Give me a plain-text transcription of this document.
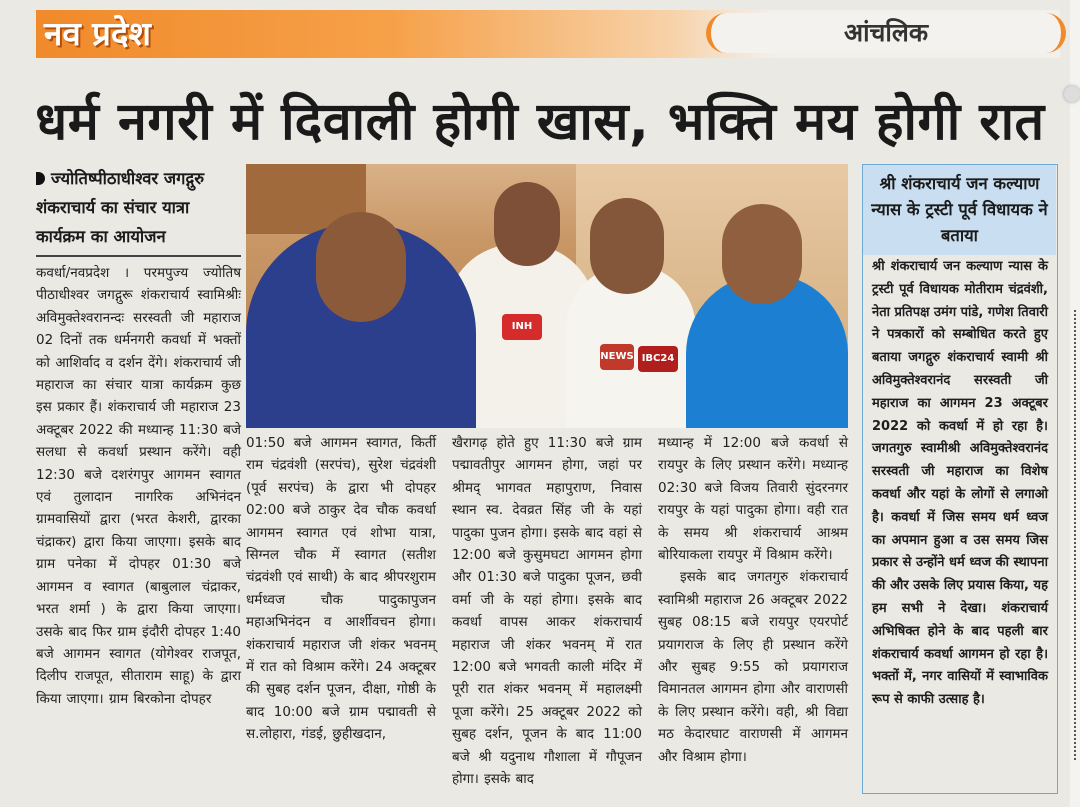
नव प्रदेश	आंचलिक
धर्म नगरी में दिवाली होगी खास, भक्ति मय होगी रात
ज्योतिष्पीठाधीश्वर जगद्गुरु शंकराचार्य का संचार यात्रा कार्यक्रम का आयोजन
कवर्धा/नवप्रदेश । परमपुज्य ज्योतिष पीठाधीश्वर जगद्गुरू शंकराचार्य स्वामिश्रीः अविमुक्तेश्वरानन्दः सरस्वती जी महाराज 02 दिनों तक धर्मनगरी कवर्धा में भक्तों को आशिर्वाद व दर्शन देंगे। शंकराचार्य जी महाराज का संचार यात्रा कार्यक्रम कुछ इस प्रकार हैं। शंकराचार्य जी महाराज 23 अक्टूबर 2022 की मध्यान्ह 11:30 बजे सलधा से कवर्धा प्रस्थान करेंगे। वही 12:30 बजे दशरंगपुर आगमन स्वागत एवं तुलादान नागरिक अभिनंदन ग्रामवासियों द्वारा (भरत केशरी, द्वारका चंद्राकर) द्वारा किया जाएगा। इसके बाद ग्राम पनेका में दोपहर 01:30 बजे आगमन व स्वागत (बाबुलाल चंद्राकर, भरत शर्मा ) के द्वारा किया जाएगा। उसके बाद फिर ग्राम इंदौरी दोपहर 1:40 बजे आगमन स्वागत (योगेश्वर राजपूत, दिलीप राजपूत, सीताराम साहू) के द्वारा किया जाएगा। ग्राम बिरकोना दोपहर
INH
NEWS IBC24
01:50 बजे आगमन स्वागत, किर्ती राम चंद्रवंशी (सरपंच), सुरेश चंद्रवंशी (पूर्व सरपंच) के द्वारा भी दोपहर 02:00 बजे ठाकुर देव चौक कवर्धा आगमन स्वागत एवं शोभा यात्रा, सिग्नल चौक में स्वागत (सतीश चंद्रवंशी एवं साथी) के बाद श्रीपरशुराम धर्मध्वज चौक पादुकापुजन महाअभिनंदन व आर्शीवचन होगा। शंकराचार्य महाराज जी शंकर भवनम् में रात को विश्राम करेंगे। 24 अक्टूबर की सुबह दर्शन पूजन, दीक्षा, गोष्ठी के बाद 10:00 बजे ग्राम पद्मावती से स.लोहारा, गंडई, छुहीखदान,
खैरागढ़ होते हुए 11:30 बजे ग्राम पद्मावतीपुर आगमन होगा, जहां पर श्रीमद् भागवत महापुराण, निवास स्थान स्व. देवव्रत सिंह जी के यहां पादुका पुजन होगा। इसके बाद वहां से 12:00 बजे कुसुमघटा आगमन होगा और 01:30 बजे पादुका पूजन, छवी वर्मा जी के यहां होगा। इसके बाद कवर्धा वापस आकर शंकराचार्य महाराज जी शंकर भवनम् में रात 12:00 बजे भगवती काली मंदिर में पूरी रात शंकर भवनम् में महालक्ष्मी पूजा करेंगे। 25 अक्टूबर 2022 को सुबह दर्शन, पूजन के बाद 11:00 बजे श्री यदुनाथ गौशाला में गौपूजन होगा। इसके बाद
मध्यान्ह में 12:00 बजे कवर्धा से रायपुर के लिए प्रस्थान करेंगे। मध्यान्ह 02:30 बजे विजय तिवारी सुंदरनगर रायपुर के यहां पादुका होगा। वही रात के समय श्री शंकराचार्य आश्रम बोरियाकला रायपुर में विश्राम करेंगे।
इसके बाद जगतगुरु शंकराचार्य स्वामिश्री महाराज 26 अक्टूबर 2022 सुबह 08:15 बजे रायपुर एयरपोर्ट प्रयागराज के लिए ही प्रस्थान करेंगे और सुबह 9:55 को प्रयागराज विमानतल आगमन होगा और वाराणसी के लिए प्रस्थान करेंगे। वही, श्री विद्या मठ केदारघाट वाराणसी में आगमन और विश्राम होगा।
श्री शंकराचार्य जन कल्याण न्यास के ट्रस्टी पूर्व विधायक ने बताया
श्री शंकराचार्य जन कल्याण न्यास के ट्रस्टी पूर्व विधायक मोतीराम चंद्रवंशी, नेता प्रतिपक्ष उमंग पांडे, गणेश तिवारी ने पत्रकारों को सम्बोधित करते हुए बताया जगद्गुरु शंकराचार्य स्वामी श्री अविमुक्तेश्वरानंद सरस्वती जी महाराज का आगमन 23 अक्टूबर 2022 को कवर्धा में हो रहा है। जगतगुरु स्वामीश्री अविमुक्तेश्वरानंद सरस्वती जी महाराज का विशेष कवर्धा और यहां के लोगों से लगाओ है। कवर्धा में जिस समय धर्म ध्वज का अपमान हुआ व उस समय जिस प्रकार से उन्होंने धर्म ध्वज की स्थापना की और उसके लिए प्रयास किया, यह हम सभी ने देखा। शंकराचार्य अभिषिक्त होने के बाद पहली बार शंकराचार्य कवर्धा आगमन हो रहा है। भक्तों में, नगर वासियों में स्वाभाविक रूप से काफी उत्साह है।
